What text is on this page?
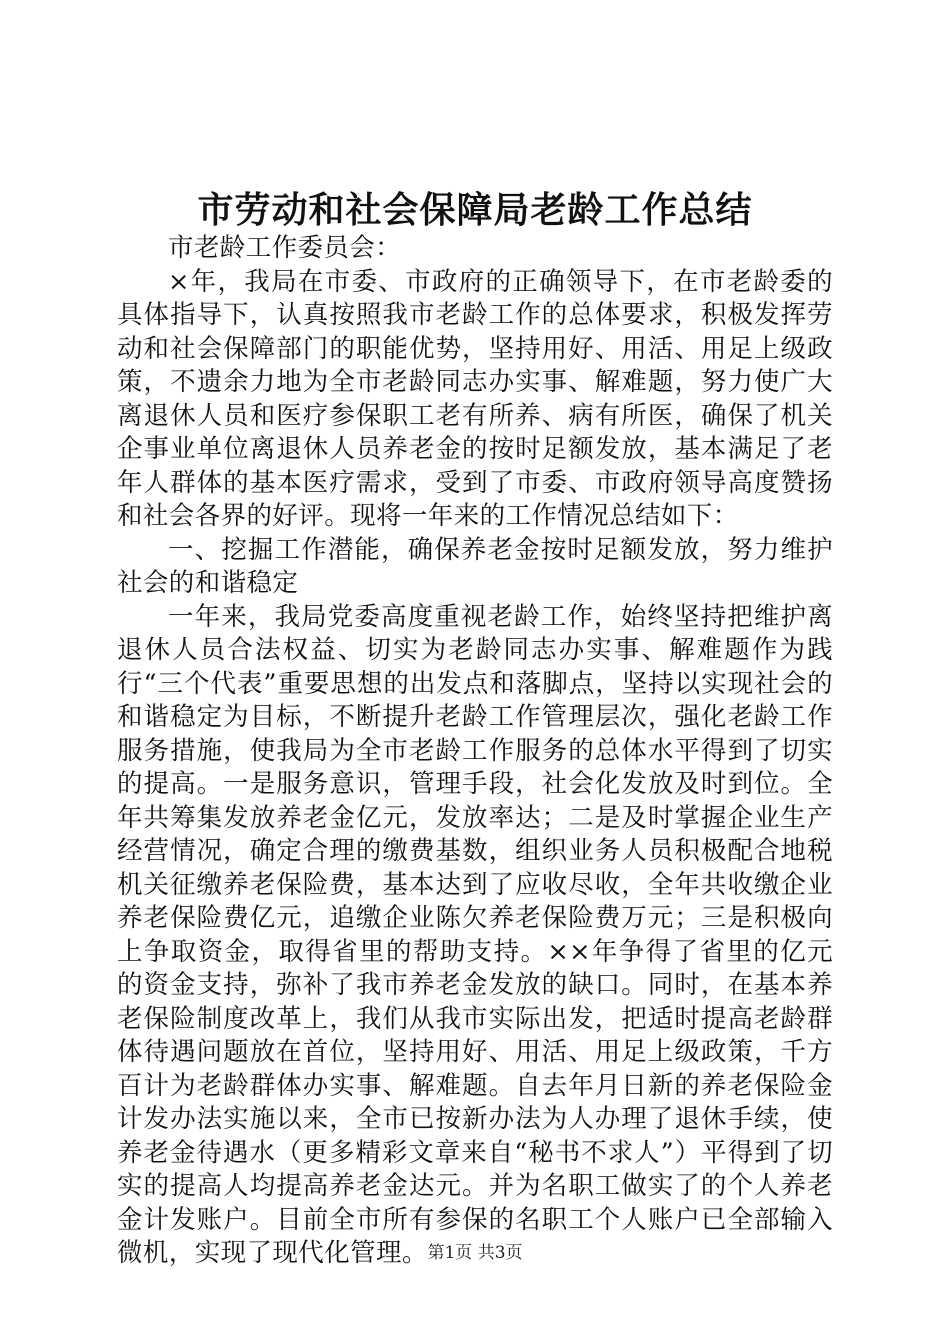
市劳动和社会保障局老龄工作总结

市老龄工作委员会：

×年，我局在市委、市政府的正确领导下，在市老龄委的具体指导下，认真按照我市老龄工作的总体要求，积极发挥劳动和社会保障部门的职能优势，坚持用好、用活、用足上级政策，不遗余力地为全市老龄同志办实事、解难题，努力使广大离退休人员和医疗参保职工老有所养、病有所医，确保了机关企事业单位离退休人员养老金的按时足额发放，基本满足了老年人群体的基本医疗需求，受到了市委、市政府领导高度赞扬和社会各界的好评。现将一年来的工作情况总结如下：

一、挖掘工作潜能，确保养老金按时足额发放，努力维护社会的和谐稳定

一年来，我局党委高度重视老龄工作，始终坚持把维护离退休人员合法权益、切实为老龄同志办实事、解难题作为践行“三个代表”重要思想的出发点和落脚点，坚持以实现社会的和谐稳定为目标，不断提升老龄工作管理层次，强化老龄工作服务措施，使我局为全市老龄工作服务的总体水平得到了切实的提高。一是服务意识，管理手段，社会化发放及时到位。全年共筹集发放养老金亿元，发放率达；二是及时掌握企业生产经营情况，确定合理的缴费基数，组织业务人员积极配合地税机关征缴养老保险费，基本达到了应收尽收，全年共收缴企业养老保险费亿元，追缴企业陈欠养老保险费万元；三是积极向上争取资金，取得省里的帮助支持。××年争得了省里的亿元的资金支持，弥补了我市养老金发放的缺口。同时，在基本养老保险制度改革上，我们从我市实际出发，把适时提高老龄群体待遇问题放在首位，坚持用好、用活、用足上级政策，千方百计为老龄群体办实事、解难题。自去年月日新的养老保险金计发办法实施以来，全市已按新办法为人办理了退休手续，使养老金待遇水（更多精彩文章来自“秘书不求人”）平得到了切实的提高人均提高养老金达元。并为名职工做实了的个人养老金计发账户。目前全市所有参保的名职工个人账户已全部输入微机，实现了现代化管理。 第1页 共3页
